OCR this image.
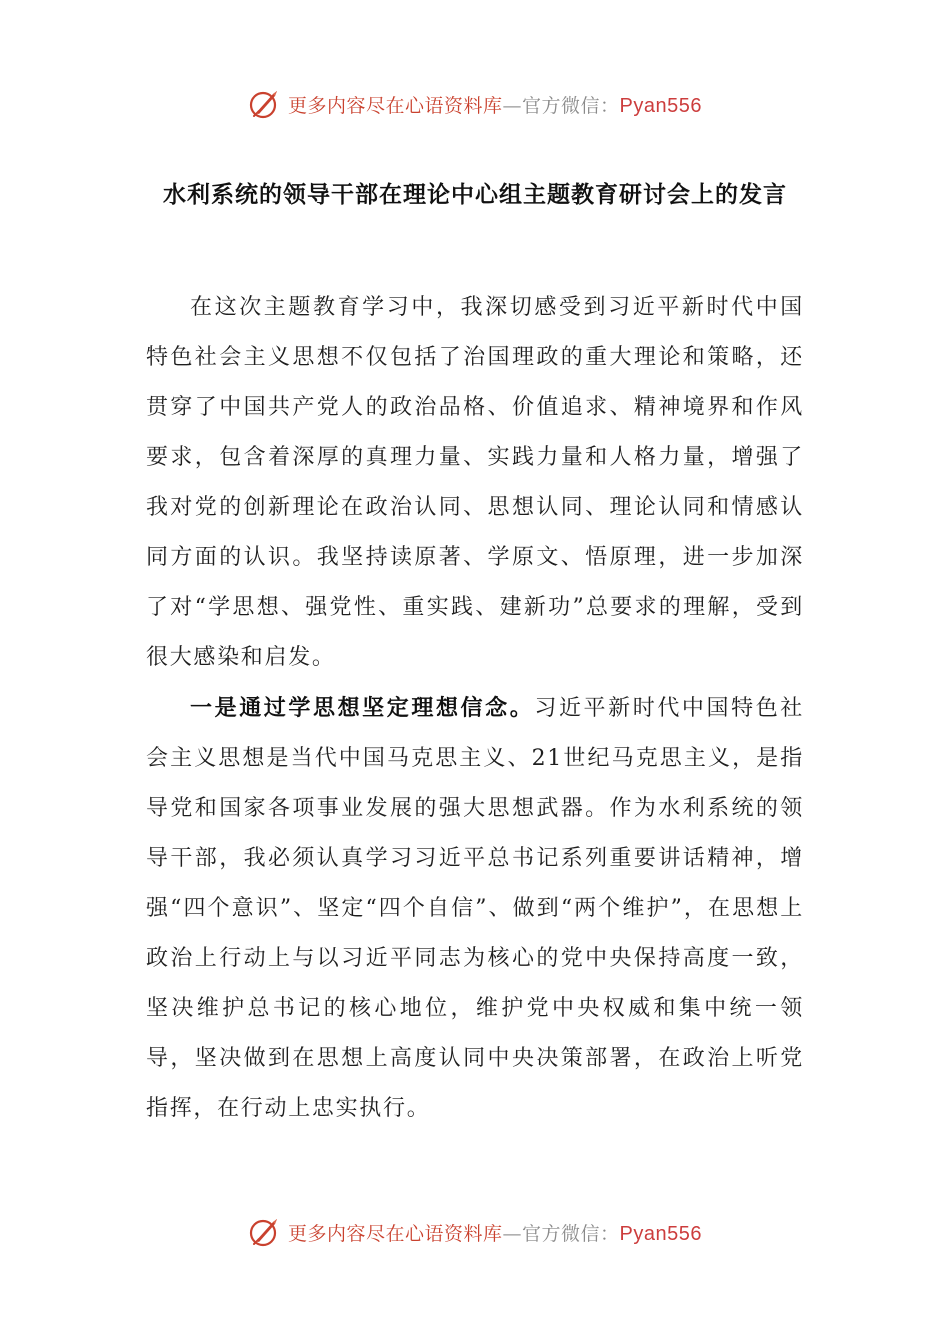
更多内容尽在心语资料库—官方微信：Pyan556
水利系统的领导干部在理论中心组主题教育研讨会上的发言

在这次主题教育学习中，我深切感受到习近平新时代中国特色社会主义思想不仅包括了治国理政的重大理论和策略，还贯穿了中国共产党人的政治品格、价值追求、精神境界和作风要求，包含着深厚的真理力量、实践力量和人格力量，增强了我对党的创新理论在政治认同、思想认同、理论认同和情感认同方面的认识。我坚持读原著、学原文、悟原理，进一步加深了对“学思想、强党性、重实践、建新功”总要求的理解，受到很大感染和启发。

一是通过学思想坚定理想信念。习近平新时代中国特色社会主义思想是当代中国马克思主义、21世纪马克思主义，是指导党和国家各项事业发展的强大思想武器。作为水利系统的领导干部，我必须认真学习习近平总书记系列重要讲话精神，增强“四个意识”、坚定“四个自信”、做到“两个维护”，在思想上政治上行动上与以习近平同志为核心的党中央保持高度一致，坚决维护总书记的核心地位，维护党中央权威和集中统一领导，坚决做到在思想上高度认同中央决策部署，在政治上听党指挥，在行动上忠实执行。

更多内容尽在心语资料库—官方微信：Pyan556
